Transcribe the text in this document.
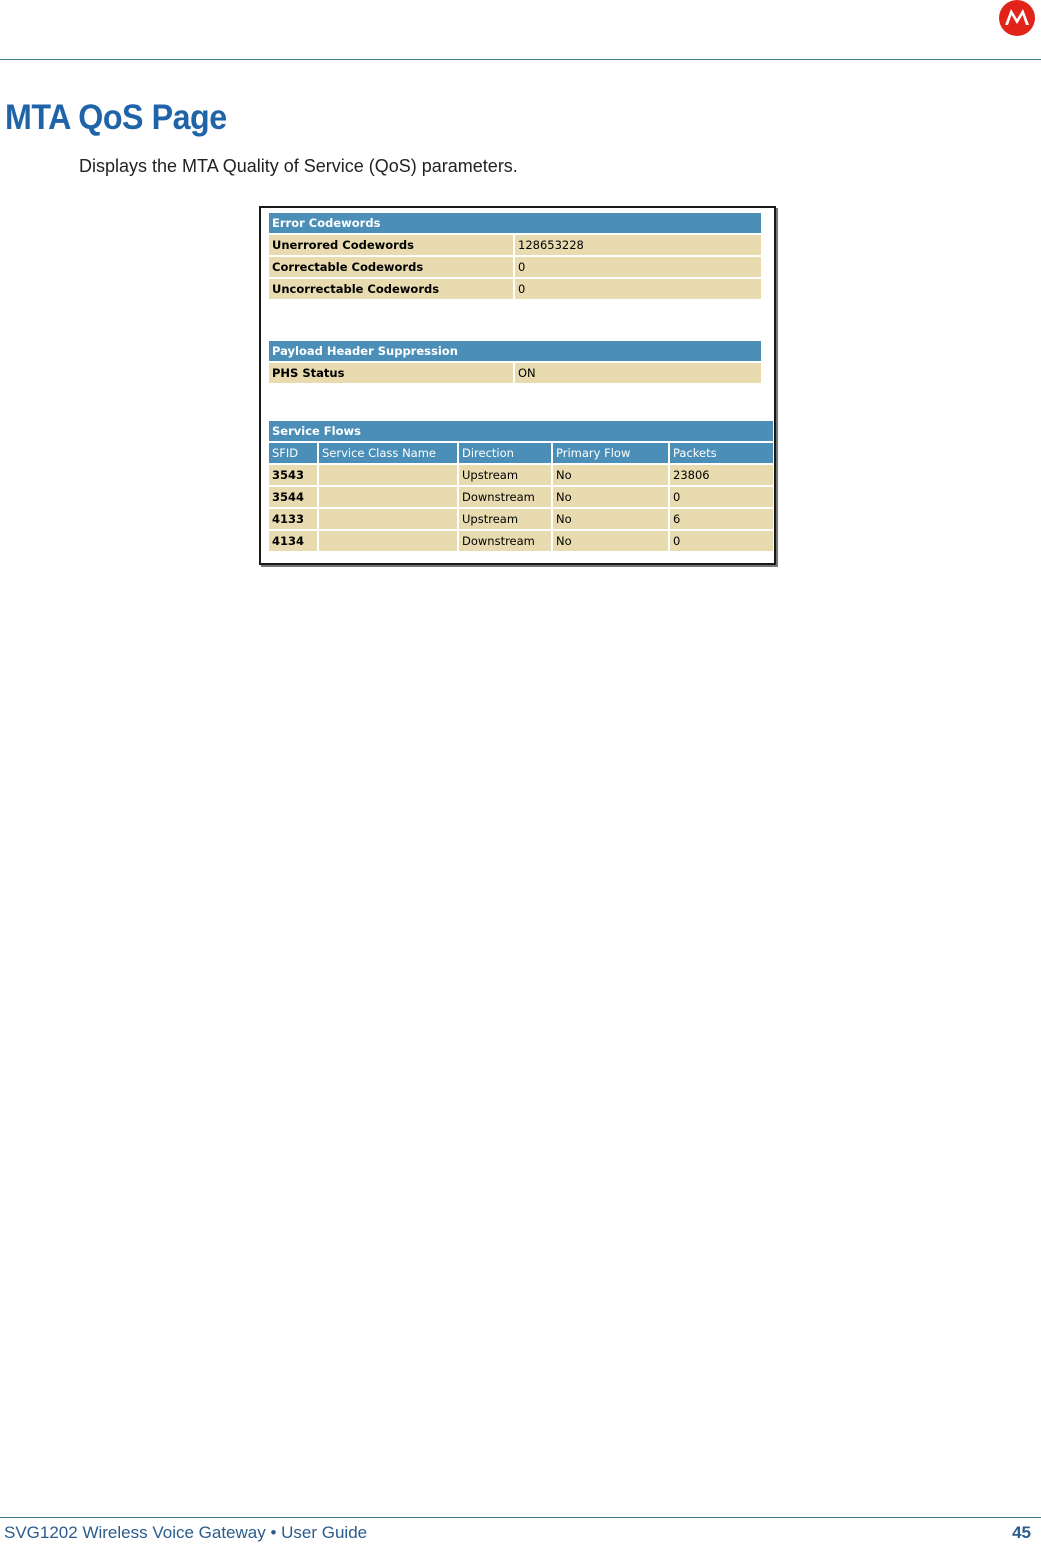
MTA QoS Page

Displays the MTA Quality of Service (QoS) parameters.

Error Codewords	
Unerrored Codewords	128653228
Correctable Codewords	0
Uncorrectable Codewords	0
Payload Header Suppression
PHS Status	ON
Service Flows				
SFID	Service Class Name	Direction	Primary Flow	Packets
3543		Upstream	No	23806
3544		Downstream	No	0
4133		Upstream	No	6
4134		Downstream	No	0
SVG1202 Wireless Voice Gateway • User Guide	45
